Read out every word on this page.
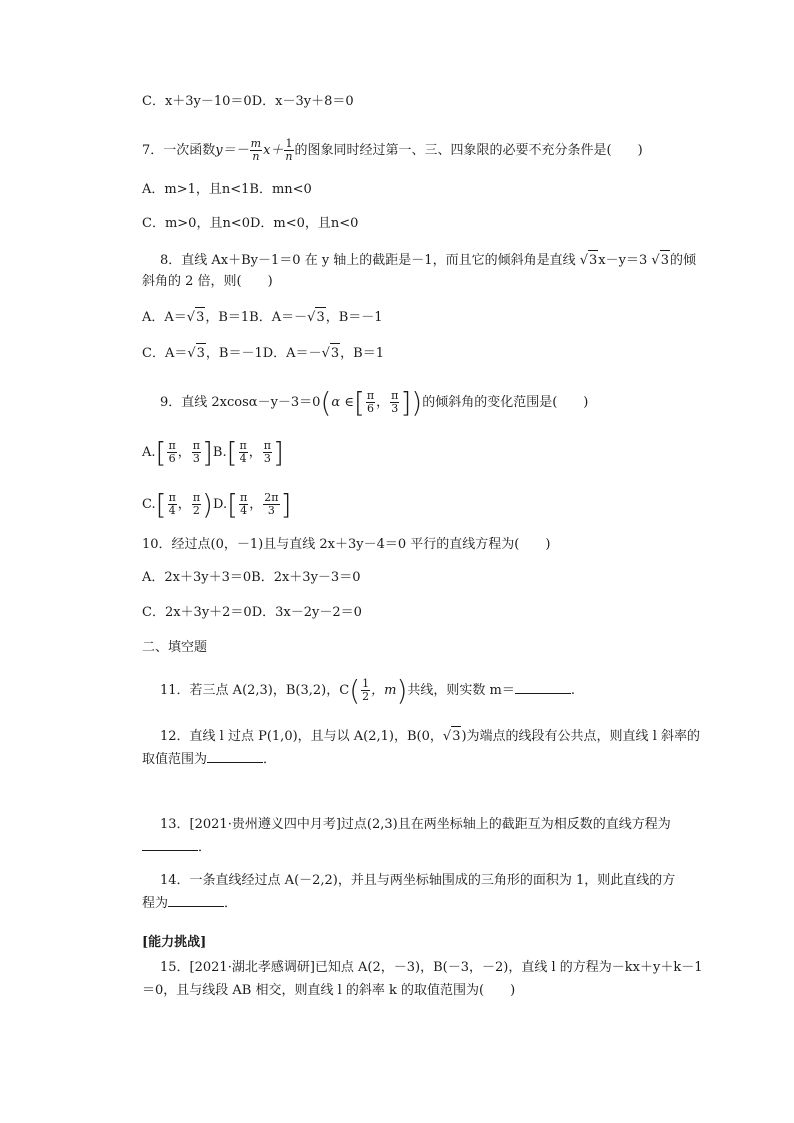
C．x＋3y－10＝0D．x－3y＋8＝0
7．一次函数$y=- \frac{m}{n} x+ \frac{1}{n}$ 的图象同时经过第一、三、四象限的必要不充分条件是(　　)
A．m>1，且n<1B．mn<0
C．m>0，且n<0D．m<0，且n<0
8．直线 Ax＋By－1＝0 在 y 轴上的截距是－1，而且它的倾斜角是直线 √3x－y＝3 √3的倾
斜角的 2 倍，则(　　)
A．A＝√3，B＝1B．A＝－√3，B＝－1
C．A＝√3，B＝－1D．A＝－√3，B＝1
9．直线 2xcosα－y－3＝0(α ∈[ $\frac{\pi}{6}$ ， $\frac{\pi}{3}$ ])的倾斜角的变化范围是(　　)
$A.[ \frac{\pi}{6}$ ， $\frac{\pi}{3} ]B.[ \frac{\pi}{4}$ ， $\frac{\pi}{3}$ ]
$C.[ \frac{\pi}{4}$ ， $\frac{\pi}{2} )D.[ \frac{\pi}{4}$ ， $\frac{2\pi}{3}$ ]
10．经过点(0，－1)且与直线 2x＋3y－4＝0 平行的直线方程为(　　)
A．2x＋3y＋3＝0B．2x＋3y－3＝0
C．2x＋3y＋2＝0D．3x－2y－2＝0
二、填空题
11．若三点 A(2,3)，B(3,2)，$C( \frac{1}{2}$ ，m)共线，则实数 m＝	.
12．直线 l 过点 P(1,0)，且与以 A(2,1)，B(0，√3)为端点的线段有公共点，则直线 l 斜率的
取值范围为	．
13．[2021·贵州遵义四中月考]过点(2,3)且在两坐标轴上的截距互为相反数的直线方程为
．
14．一条直线经过点 A(－2,2)，并且与两坐标轴围成的三角形的面积为 1，则此直线的方
程为	．
[能力挑战]
15．[2021·湖北孝感调研]已知点 A(2，－3)，B(－3，－2)，直线 l 的方程为－kx＋y＋k－1
＝0，且与线段 AB 相交，则直线 l 的斜率 k 的取值范围为(　　)
